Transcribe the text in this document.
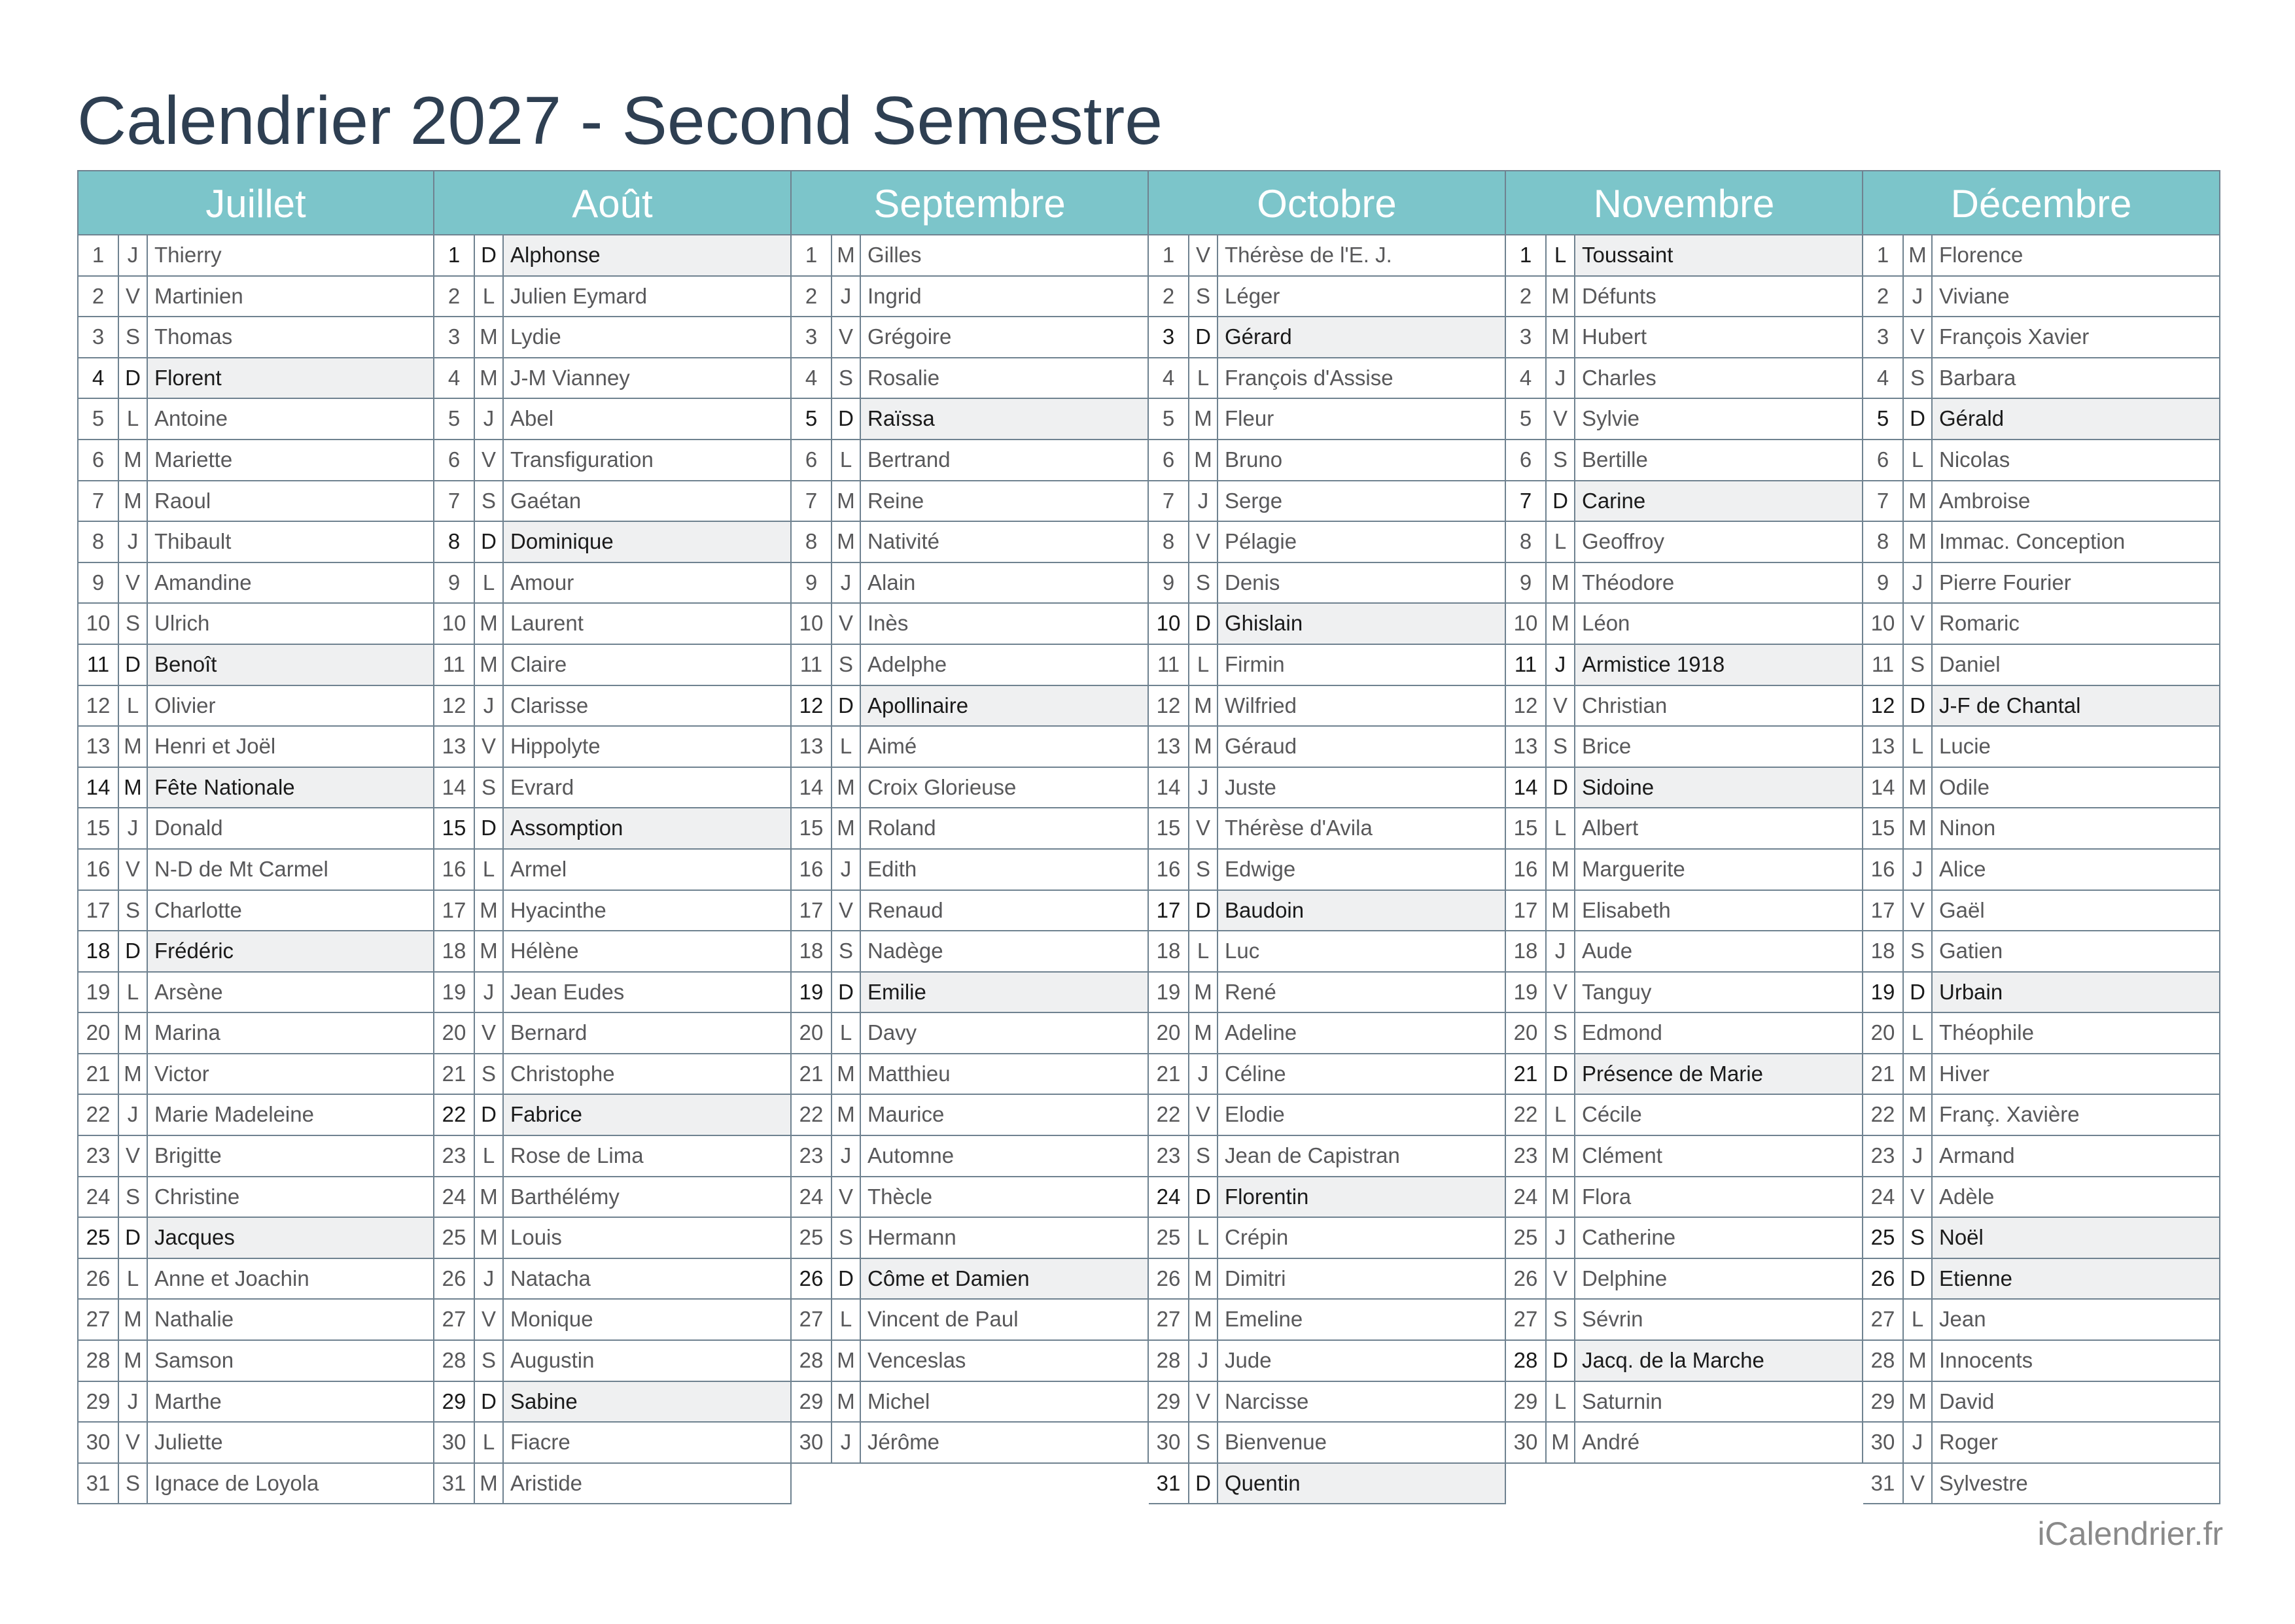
Calendrier 2027 - Second Semestre
Juillet
1	J Thierry
2 V Martinien
3 S Thomas
4 D Florent
5	L Antoine
6 M Mariette
7 M Raoul
8	J Thibault
9 V Amandine
10 S Ulrich
11 D Benoît
12 L Olivier
13 M Henri et Joël
14 M Fête Nationale
15 J Donald
16 V N-D de Mt Carmel
17 S Charlotte
18 D Frédéric
19 L Arsène
20 M Marina
21 M Victor
22 J Marie Madeleine
23 V Brigitte
24 S Christine
25 D Jacques
26 L Anne et Joachin
27 M Nathalie
28 M Samson
29 J Marthe
30 V Juliette
31 S Ignace de Loyola
Août
1 D Alphonse
2	L Julien Eymard
3 M Lydie
4 M J-M Vianney
5	J Abel
6 V Transfiguration
7 S Gaétan
8 D Dominique
9	L Amour
10 M Laurent
11 M Claire
12 J Clarisse
13 V Hippolyte
14 S Evrard
15 D Assomption
16 L Armel
17 M Hyacinthe
18 M Hélène
19 J Jean Eudes
20 V Bernard
21 S Christophe
22 D Fabrice
23 L Rose de Lima
24 M Barthélémy
25 M Louis
26 J Natacha
27 V Monique
28 S Augustin
29 D Sabine
30 L Fiacre
31 M Aristide
Septembre
1 M Gilles
2	J Ingrid
3 V Grégoire
4 S Rosalie
5 D Raïssa
6	L Bertrand
7 M Reine
8 M Nativité
9	J Alain
10 V Inès
11 S Adelphe
12 D Apollinaire
13 L Aimé
14 M Croix Glorieuse
15 M Roland
16 J Edith
17 V Renaud
18 S Nadège
19 D Emilie
20 L Davy
21 M Matthieu
22 M Maurice
23 J Automne
24 V Thècle
25 S Hermann
26 D Côme et Damien
27 L Vincent de Paul
28 M Venceslas
29 M Michel
30 J Jérôme
Octobre
1 V Thérèse de l'E. J.
2 S Léger
3 D Gérard
4	L François d'Assise
5 M Fleur
6 M Bruno
7	J Serge
8 V Pélagie
9 S Denis
10 D Ghislain
11 L Firmin
12 M Wilfried
13 M Géraud
14 J Juste
15 V Thérèse d'Avila
16 S Edwige
17 D Baudoin
18 L Luc
19 M René
20 M Adeline
21 J Céline
22 V Elodie
23 S Jean de Capistran
24 D Florentin
25 L Crépin
26 M Dimitri
27 M Emeline
28 J Jude
29 V Narcisse
30 S Bienvenue
31 D Quentin
Novembre
1	L Toussaint
2 M Défunts
3 M Hubert
4	J Charles
5 V Sylvie
6 S Bertille
7 D Carine
8	L Geoffroy
9 M Théodore
10 M Léon
11 J Armistice 1918
12 V Christian
13 S Brice
14 D Sidoine
15 L Albert
16 M Marguerite
17 M Elisabeth
18 J Aude
19 V Tanguy
20 S Edmond
21 D Présence de Marie
22 L Cécile
23 M Clément
24 M Flora
25 J Catherine
26 V Delphine
27 S Sévrin
28 D Jacq. de la Marche
29 L Saturnin
30 M André
Décembre
1 M Florence
2	J Viviane
3 V François Xavier
4 S Barbara
5 D Gérald
6	L Nicolas
7 M Ambroise
8 M Immac. Conception
9	J Pierre Fourier
10 V Romaric
11 S Daniel
12 D J-F de Chantal
13 L Lucie
14 M Odile
15 M Ninon
16 J Alice
17 V Gaël
18 S Gatien
19 D Urbain
20 L Théophile
21 M Hiver
22 M Franç. Xavière
23 J Armand
24 V Adèle
25 S Noël
26 D Etienne
27 L Jean
28 M Innocents
29 M David
30 J Roger
31 V Sylvestre
iCalendrier.fr
